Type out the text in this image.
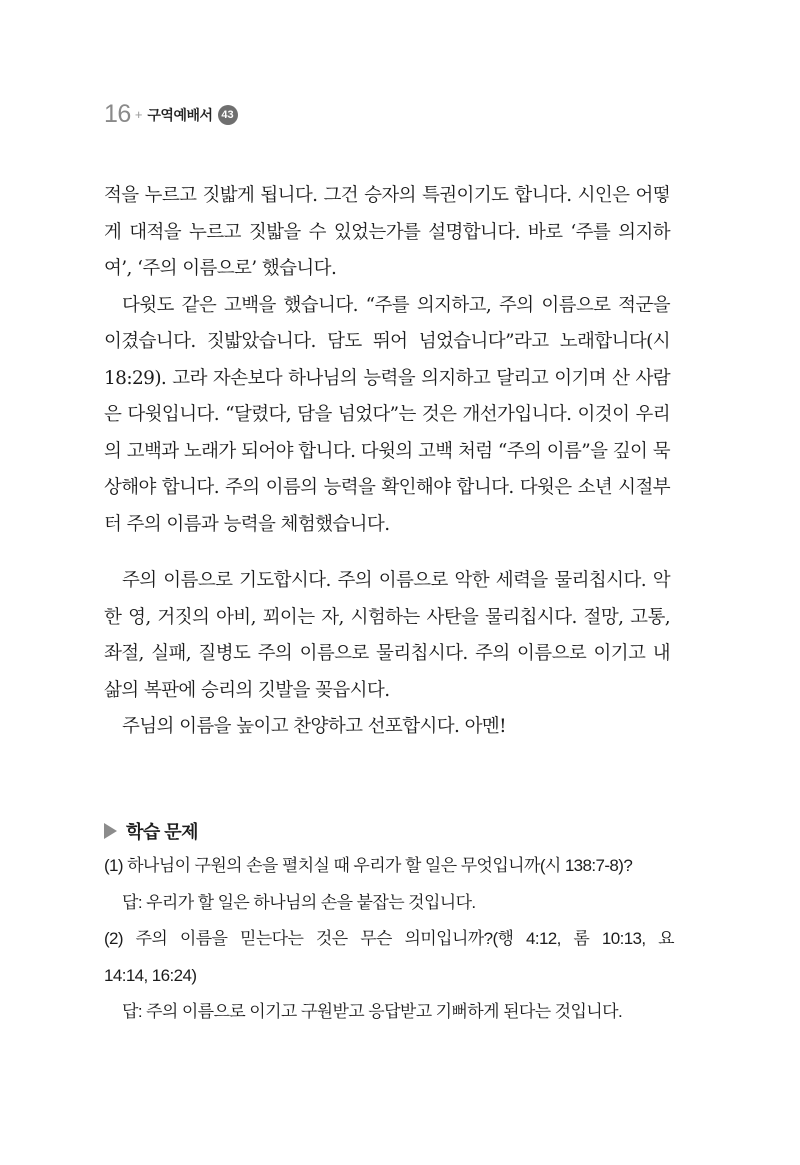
16 + 구역예배서 43

적을 누르고 짓밟게 됩니다. 그건 승자의 특권이기도 합니다. 시인은 어떻게 대적을 누르고 짓밟을 수 있었는가를 설명합니다. 바로 ‘주를 의지하여’, ‘주의 이름으로’ 했습니다.

다윗도 같은 고백을 했습니다. “주를 의지하고, 주의 이름으로 적군을 이겼습니다. 짓밟았습니다. 담도 뛰어 넘었습니다”라고 노래합니다(시 18:29). 고라 자손보다 하나님의 능력을 의지하고 달리고 이기며 산 사람은 다윗입니다. “달렸다, 담을 넘었다”는 것은 개선가입니다. 이것이 우리의 고백과 노래가 되어야 합니다. 다윗의 고백 처럼 “주의 이름”을 깊이 묵상해야 합니다. 주의 이름의 능력을 확인해야 합니다. 다윗은 소년 시절부터 주의 이름과 능력을 체험했습니다.

주의 이름으로 기도합시다. 주의 이름으로 악한 세력을 물리칩시다. 악한 영, 거짓의 아비, 꾀이는 자, 시험하는 사탄을 물리칩시다. 절망, 고통, 좌절, 실패, 질병도 주의 이름으로 물리칩시다. 주의 이름으로 이기고 내 삶의 복판에 승리의 깃발을 꽂읍시다.

주님의 이름을 높이고 찬양하고 선포합시다. 아멘!

학습 문제

(1) 하나님이 구원의 손을 펼치실 때 우리가 할 일은 무엇입니까(시 138:7-8)?

답: 우리가 할 일은 하나님의 손을 붙잡는 것입니다.

(2) 주의 이름을 믿는다는 것은 무슨 의미입니까?(행 4:12, 롬 10:13, 요

14:14, 16:24)

답: 주의 이름으로 이기고 구원받고 응답받고 기뻐하게 된다는 것입니다.
